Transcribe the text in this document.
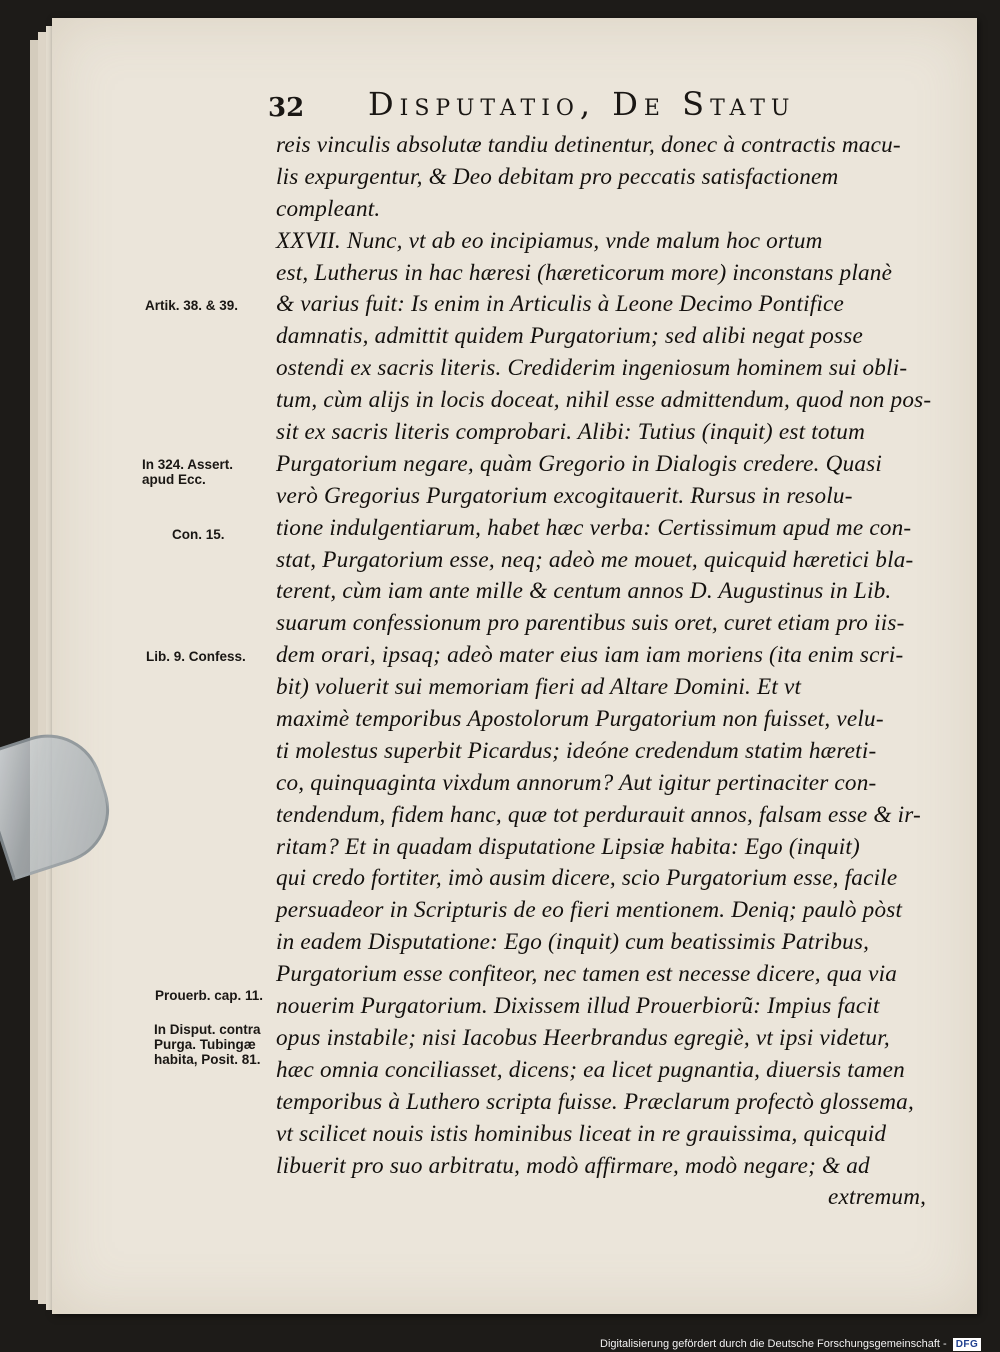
32 Disputatio, De Statu
reis vinculis absolutæ tandiu detinentur, donec à contractis macu-
lis expurgentur, & Deo debitam pro peccatis satisfactionem
compleant.
XXVII. Nunc, vt ab eo incipiamus, vnde malum hoc ortum
est, Lutherus in hac hæresi (hæreticorum more) inconstans planè
& varius fuit: Is enim in Articulis à Leone Decimo Pontifice
damnatis, admittit quidem Purgatorium; sed alibi negat posse
ostendi ex sacris literis. Crediderim ingeniosum hominem sui obli-
tum, cùm alijs in locis doceat, nihil esse admittendum, quod non pos-
sit ex sacris literis comprobari. Alibi: Tutius (inquit) est totum
Purgatorium negare, quàm Gregorio in Dialogis credere. Quasi
verò Gregorius Purgatorium excogitauerit. Rursus in resolu-
tione indulgentiarum, habet hæc verba: Certissimum apud me con-
stat, Purgatorium esse, neq; adeò me mouet, quicquid hæretici bla-
terent, cùm iam ante mille & centum annos D. Augustinus in Lib.
suarum confessionum pro parentibus suis oret, curet etiam pro iis-
dem orari, ipsaq; adeò mater eius iam iam moriens (ita enim scri-
bit) voluerit sui memoriam fieri ad Altare Domini. Et vt
maximè temporibus Apostolorum Purgatorium non fuisset, velu-
ti molestus superbit Picardus; ideóne credendum statim hæreti-
co, quinquaginta vixdum annorum? Aut igitur pertinaciter con-
tendendum, fidem hanc, quæ tot perdurauit annos, falsam esse & ir-
ritam? Et in quadam disputatione Lipsiæ habita: Ego (inquit)
qui credo fortiter, imò ausim dicere, scio Purgatorium esse, facile
persuadeor in Scripturis de eo fieri mentionem. Deniq; paulò pòst
in eadem Disputatione: Ego (inquit) cum beatissimis Patribus,
Purgatorium esse confiteor, nec tamen est necesse dicere, qua via
nouerim Purgatorium. Dixissem illud Prouerbiorũ: Impius facit
opus instabile; nisi Iacobus Heerbrandus egregiè, vt ipsi videtur,
hæc omnia conciliasset, dicens; ea licet pugnantia, diuersis tamen
temporibus à Luthero scripta fuisse. Præclarum profectò glossema,
vt scilicet nouis istis hominibus liceat in re grauissima, quicquid
libuerit pro suo arbitratu, modò affirmare, modò negare; & ad
extremum,
Artik. 38. & 39.
In 324. Assert.
apud Ecc.
Con. 15.
Lib. 9. Confess.
Prouerb. cap. 11.
In Disput. contra
Purga. Tubingæ
habita, Posit. 81.
Digitalisierung gefördert durch die Deutsche Forschungsgemeinschaft - DFG
